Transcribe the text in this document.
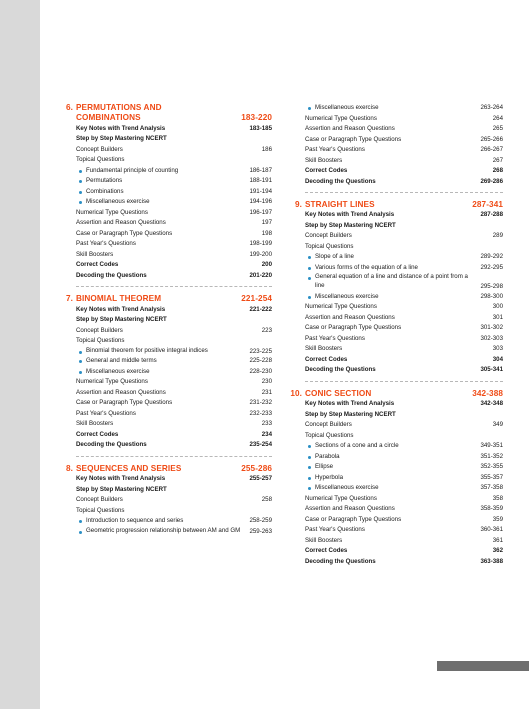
6. PERMUTATIONS AND
COMBINATIONS	183-220
Key Notes with Trend Analysis	183-185
Step by Step Mastering NCERT
Concept Builders	186
Topical Questions
Fundamental principle of counting	186-187
Permutations	188-191
Combinations	191-194
Miscellaneous exercise	194-196
Numerical Type Questions	196-197
Assertion and Reason Questions	197
Case or Paragraph Type Questions	198
Past Year's Questions	198-199
Skill Boosters	199-200
Correct Codes	200
Decoding the Questions	201-220
7. BINOMIAL THEOREM	221-254
Key Notes with Trend Analysis	221-222
Step by Step Mastering NCERT
Concept Builders	223
Topical Questions
Binomial theorem for positive integral indices	223-225
General and middle terms	225-228
Miscellaneous exercise	228-230
Numerical Type Questions	230
Assertion and Reason Questions	231
Case or Paragraph Type Questions	231-232
Past Year's Questions	232-233
Skill Boosters	233
Correct Codes	234
Decoding the Questions	235-254
8. SEQUENCES AND SERIES	255-286
Key Notes with Trend Analysis	255-257
Step by Step Mastering NCERT
Concept Builders	258
Topical Questions
Introduction to sequence and series	258-259
Geometric progression relationship between AM and GM	259-263
Miscellaneous exercise	263-264
Numerical Type Questions	264
Assertion and Reason Questions	265
Case or Paragraph Type Questions	265-266
Past Year's Questions	266-267
Skill Boosters	267
Correct Codes	268
Decoding the Questions	269-286
9. STRAIGHT LINES	287-341
Key Notes with Trend Analysis	287-288
Step by Step Mastering NCERT
Concept Builders	289
Topical Questions
Slope of a line	289-292
Various forms of the equation of a line	292-295
General equation of a line and distance of a point from a line	295-298
Miscellaneous exercise	298-300
Numerical Type Questions	300
Assertion and Reason Questions	301
Case or Paragraph Type Questions	301-302
Past Year's Questions	302-303
Skill Boosters	303
Correct Codes	304
Decoding the Questions	305-341
10. CONIC SECTION	342-388
Key Notes with Trend Analysis	342-348
Step by Step Mastering NCERT
Concept Builders	349
Topical Questions
Sections of a cone and a circle	349-351
Parabola	351-352
Ellipse	352-355
Hyperbola	355-357
Miscellaneous exercise	357-358
Numerical Type Questions	358
Assertion and Reason Questions	358-359
Case or Paragraph Type Questions	359
Past Year's Questions	360-361
Skill Boosters	361
Correct Codes	362
Decoding the Questions	363-388
